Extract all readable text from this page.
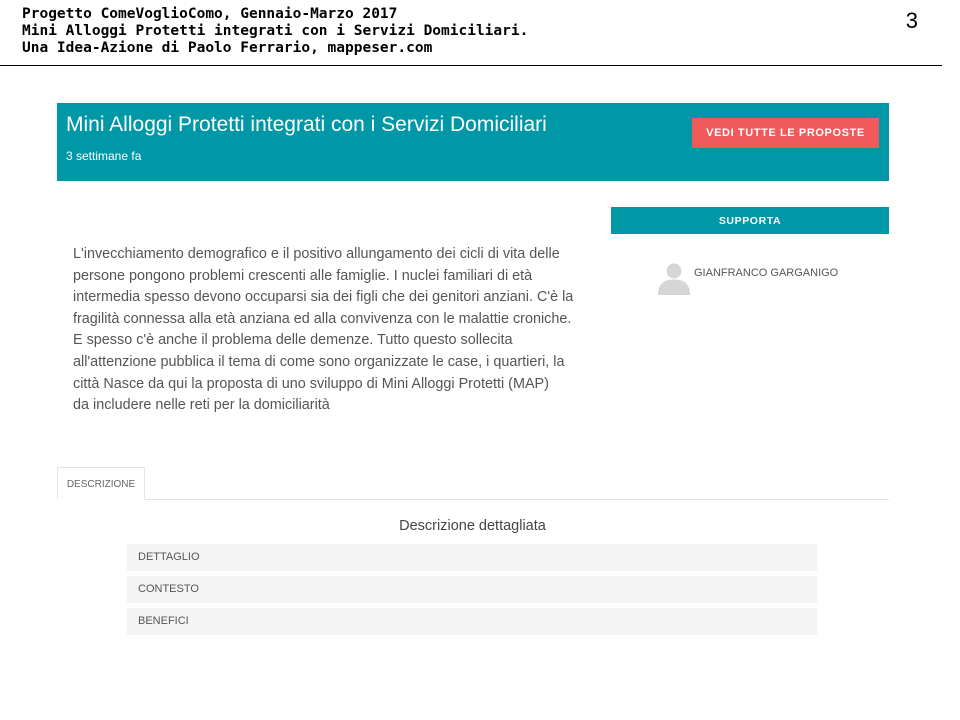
Progetto ComeVoglioComo, Gennaio-Marzo 2017
Mini Alloggi Protetti integrati con i Servizi Domiciliari.
Una Idea-Azione di Paolo Ferrario, mappeser.com
3
Mini Alloggi Protetti integrati con i Servizi Domiciliari
3 settimane fa
VEDI TUTTE LE PROPOSTE
SUPPORTA
GIANFRANCO GARGANIGO
L'invecchiamento demografico e il positivo allungamento dei cicli di vita delle
persone pongono problemi crescenti alle famiglie. I nuclei familiari di età
intermedia spesso devono occuparsi sia dei figli che dei genitori anziani. C'è la
fragilità connessa alla età anziana ed alla convivenza con le malattie croniche.
E spesso c'è anche il problema delle demenze. Tutto questo sollecita
all'attenzione pubblica il tema di come sono organizzate le case, i quartieri, la
città Nasce da qui la proposta di uno sviluppo di Mini Alloggi Protetti (MAP)
da includere nelle reti per la domiciliarità
DESCRIZIONE
Descrizione dettagliata
DETTAGLIO
CONTESTO
BENEFICI
